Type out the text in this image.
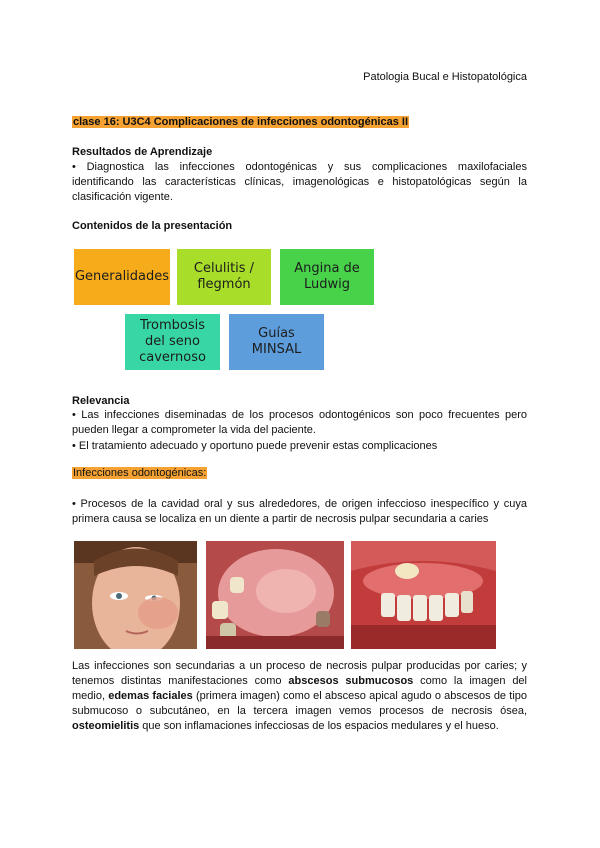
Patologia Bucal e Histopatológica
clase 16: U3C4 Complicaciones de infecciones odontogénicas II
Resultados de Aprendizaje
• Diagnostica las infecciones odontogénicas y sus complicaciones maxilofaciales identificando las características clínicas, imagenológicas e histopatológicas según la clasificación vigente.
Contenidos de la presentación
Generalidades
Celulitis / flegmón
Angina de Ludwig
Trombosis del seno cavernoso
Guías MINSAL
Relevancia
• Las infecciones diseminadas de los procesos odontogénicos son poco frecuentes pero pueden llegar a comprometer la vida del paciente.
• El tratamiento adecuado y oportuno puede prevenir estas complicaciones
Infecciones odontogénicas:
• Procesos de la cavidad oral y sus alrededores, de origen infeccioso inespecífico y cuya primera causa se localiza en un diente a partir de necrosis pulpar secundaria a caries
Las infecciones son secundarias a un proceso de necrosis pulpar producidas por caries; y tenemos distintas manifestaciones como abscesos submucosos como la imagen del medio, edemas faciales (primera imagen) como el absceso apical agudo o abscesos de tipo submucoso o subcutáneo, en la tercera imagen vemos procesos de necrosis ósea, osteomielitis que son inflamaciones infecciosas de los espacios medulares y el hueso.
